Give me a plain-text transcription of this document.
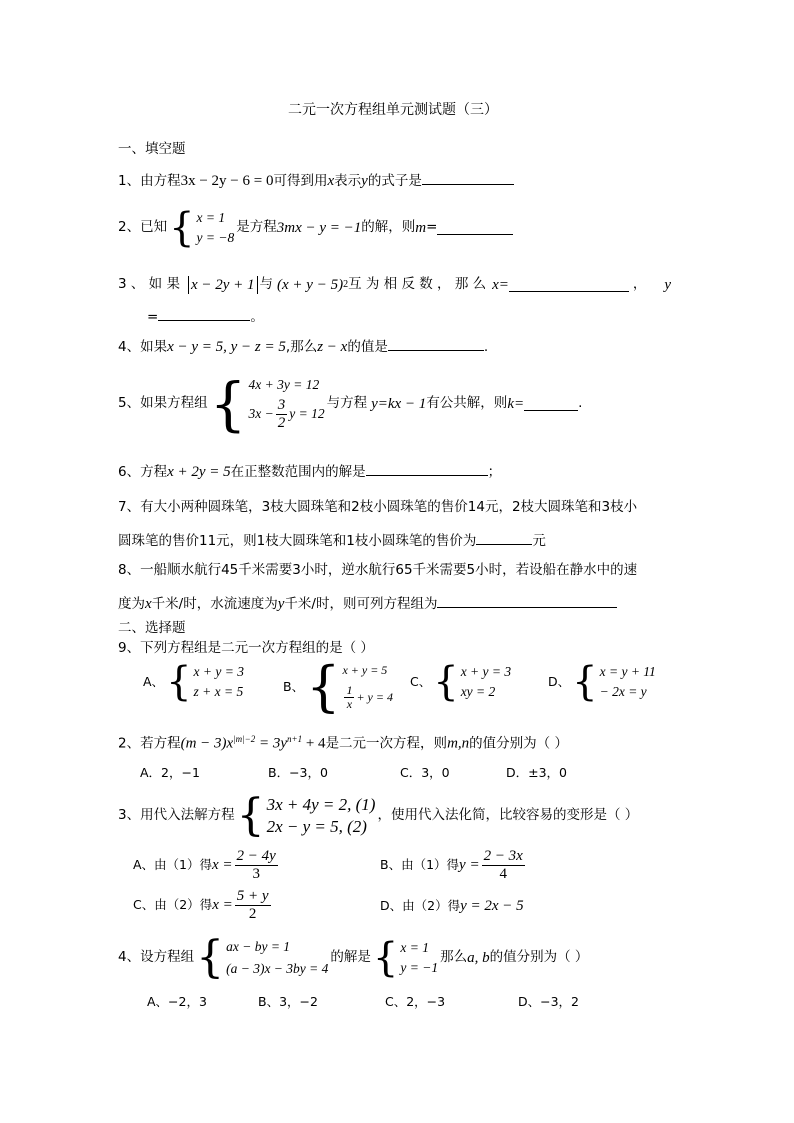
二元一次方程组单元测试题（三）
一、填空题
1、由方程3x − 2y − 6 = 0可得到用x表示y的式子是
2、已知 { x = 1
y = −8
是方程 3mx − y = −1 的解，则 m =
3 、 如 果 x − 2y + 1 与 (x + y − 5) 2 互 为 相 反 数 ， 那 么 x=	， y
=	。
4、如果x − y = 5, y − z = 5,那么z − x的值是	.
5、如果方程组 { 4x + 3y = 12
$3x - \frac{3}{2}$ y = 12
与方程 y=kx − 1 有公共解，则 k=	.
6、方程x + 2y = 5在正整数范围内的解是	；
7、有大小两种圆珠笔，3枝大圆珠笔和2枝小圆珠笔的售价14元，2枝大圆珠笔和3枝小
圆珠笔的售价11元，则1枝大圆珠笔和1枝小圆珠笔的售价为	元
8、一船顺水航行45千米需要3小时，逆水航行65千米需要5小时，若设船在静水中的速
度为x千米/时，水流速度为y千米/时，则可列方程组为
二、选择题
9、下列方程组是二元一次方程组的是（ ）
A、 { x + y = 3
z + x = 5	B、 { x + y = 5
$\frac{1}{x} + y = 4$
C、 { x + y = 3
xy = 2
D、 { x = y + 11
− 2x = y
2、若方程$(m - 3)x^{|m|-2} = 3y^{n+1} + 4$是二元一次方程，则m,n的值分别为（ ）
A．2，−1	B．−3，0	C．3，0	D．±3，0
3、用代入法解方程 { 3x + 4y = 2, (1)
2x − y = 5, (2)
，使用代入法化简，比较容易的变形是（ ）
A、由（1）得 $x = \frac{2 - 4y}{3}$	B、由（1）得 $y = \frac{2 - 3x}{4}$
C、由（2）得 $x = \frac{5 + y}{2}$	D、由（2）得 y = 2x − 5
4、设方程组 { ax − by = 1
(a − 3)x − 3by = 4
的解是 { x = 1
y = −1
那么 a, b 的值分别为（ ）
A、−2，3	B、3，−2	C、2，−3	D、−3，2
